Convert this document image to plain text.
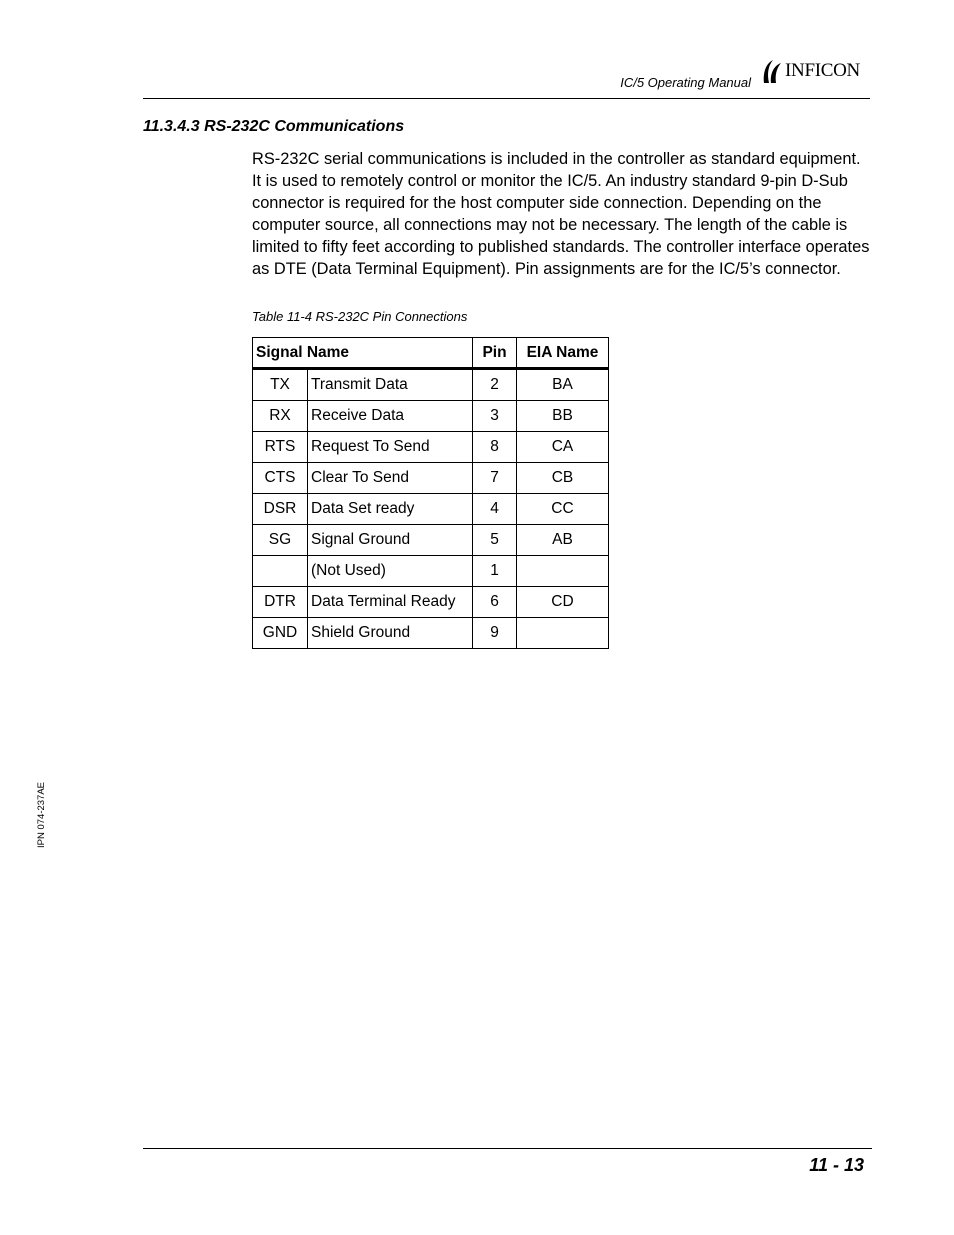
IC/5 Operating Manual
INFICON
11.3.4.3 RS-232C Communications

RS-232C serial communications is included in the controller as standard equipment. It is used to remotely control or monitor the IC/5. An industry standard 9-pin D-Sub connector is required for the host computer side connection. Depending on the computer source, all connections may not be necessary. The length of the cable is limited to fifty feet according to published standards. The controller interface operates as DTE (Data Terminal Equipment). Pin assignments are for the IC/5’s connector.

Table 11-4 RS-232C Pin Connections
Signal Name		Pin	EIA Name
TX	Transmit Data	2	BA
RX	Receive Data	3	BB
RTS	Request To Send	8	CA
CTS	Clear To Send	7	CB
DSR	Data Set ready	4	CC
SG	Signal Ground	5	AB
	(Not Used)	1	
DTR	Data Terminal Ready	6	CD
GND	Shield Ground	9	
IPN 074-237AE
11 - 13
